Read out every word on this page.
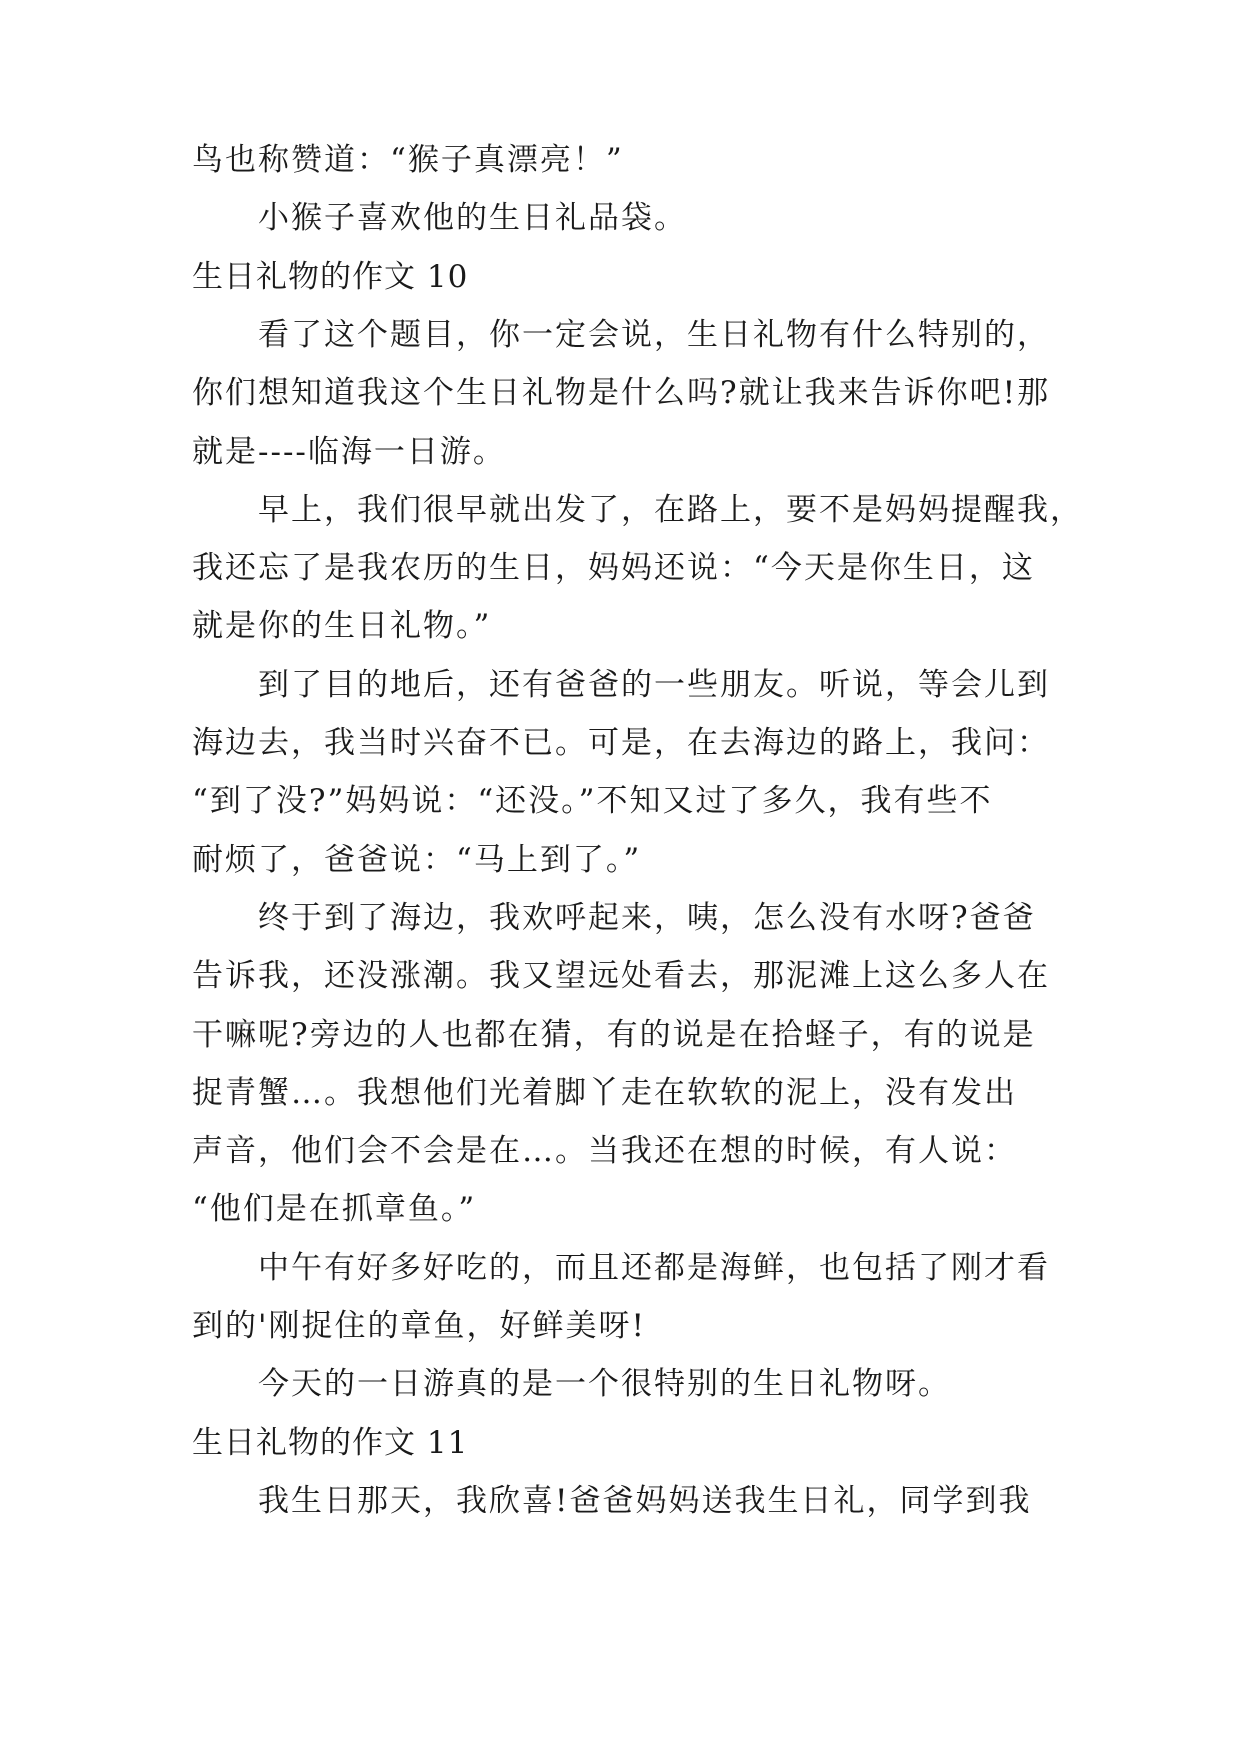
鸟也称赞道：“猴子真漂亮！”
小猴子喜欢他的生日礼品袋。
生日礼物的作文 10
看了这个题目，你一定会说，生日礼物有什么特别的，
你们想知道我这个生日礼物是什么吗?就让我来告诉你吧!那
就是----临海一日游。
早上，我们很早就出发了，在路上，要不是妈妈提醒我，
我还忘了是我农历的生日，妈妈还说：“今天是你生日，这
就是你的生日礼物。”
到了目的地后，还有爸爸的一些朋友。听说，等会儿到
海边去，我当时兴奋不已。可是，在去海边的路上，我问：
“到了没?”妈妈说：“还没。”不知又过了多久，我有些不
耐烦了，爸爸说：“马上到了。”
终于到了海边，我欢呼起来，咦，怎么没有水呀?爸爸
告诉我，还没涨潮。我又望远处看去，那泥滩上这么多人在
干嘛呢?旁边的人也都在猜，有的说是在拾蛏子，有的说是
捉青蟹…。我想他们光着脚丫走在软软的泥上，没有发出
声音，他们会不会是在…。当我还在想的时候，有人说：
“他们是在抓章鱼。”
中午有好多好吃的，而且还都是海鲜，也包括了刚才看
到的'刚捉住的章鱼，好鲜美呀!
今天的一日游真的是一个很特别的生日礼物呀。
生日礼物的作文 11
我生日那天，我欣喜!爸爸妈妈送我生日礼，同学到我
